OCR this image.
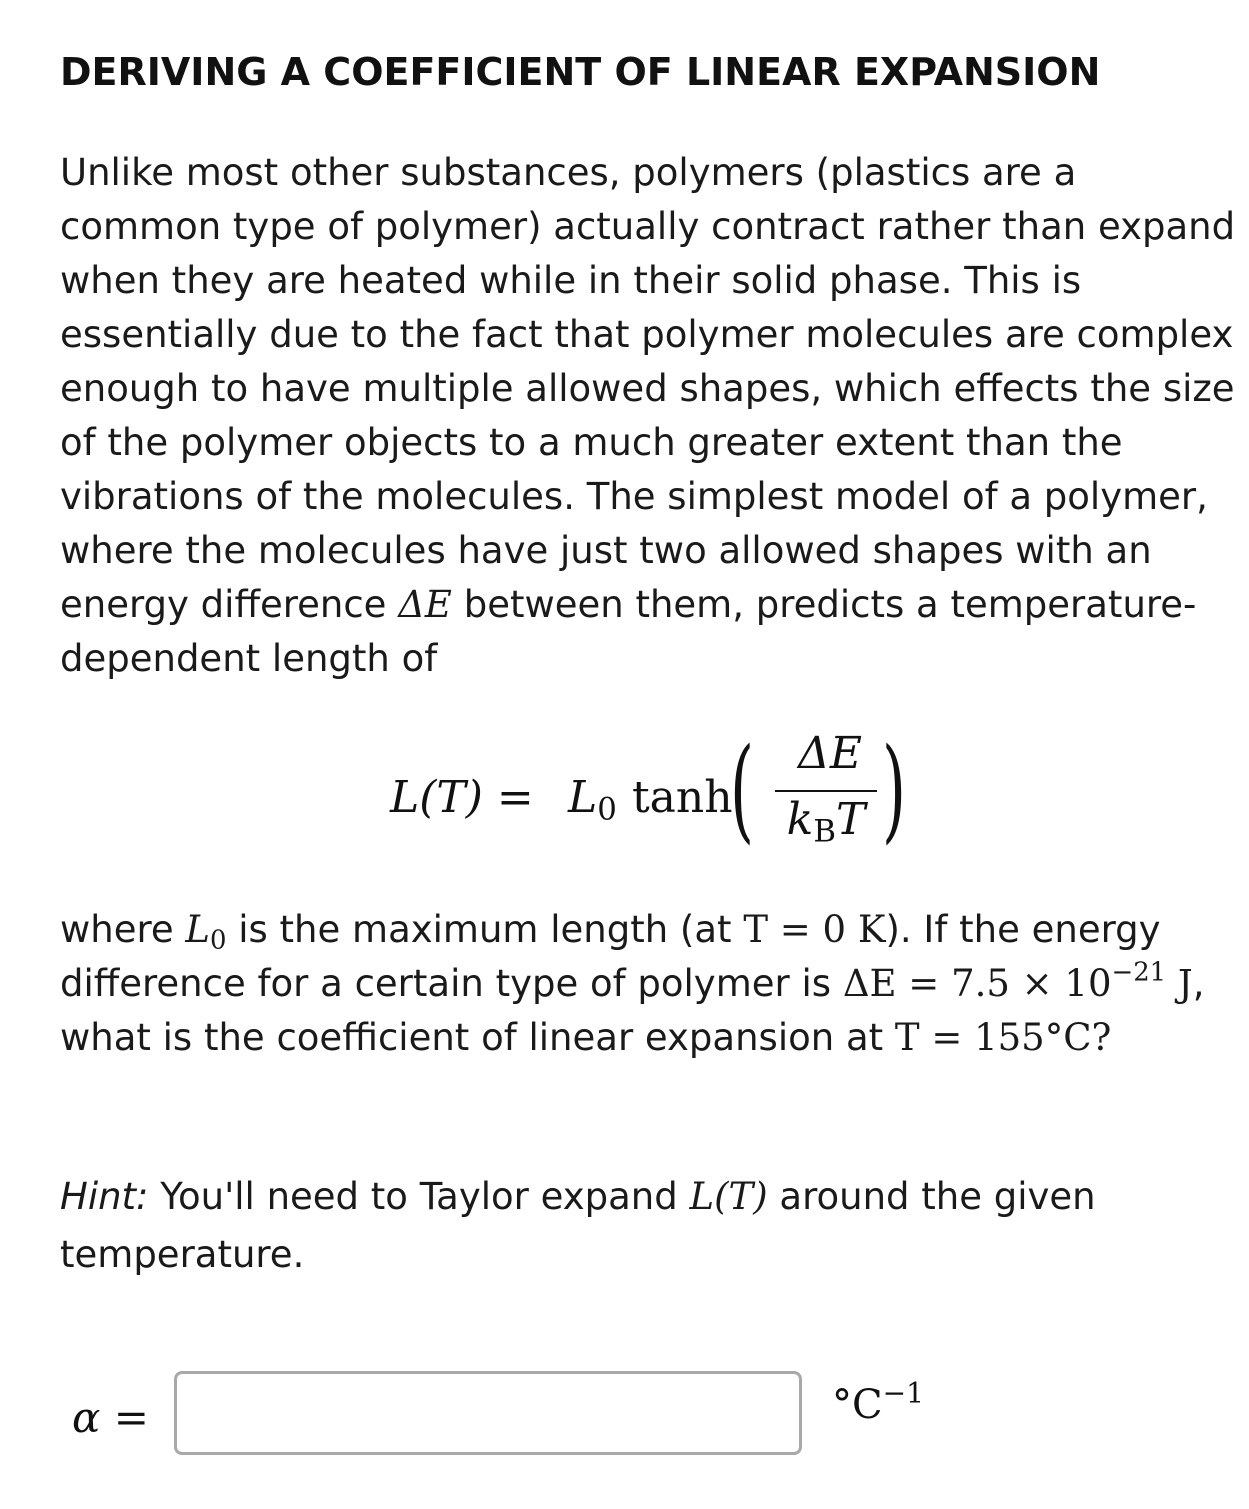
DERIVING A COEFFICIENT OF LINEAR EXPANSION
Unlike most other substances, polymers (plastics are a common type of polymer) actually contract rather than expand when they are heated while in their solid phase. This is essentially due to the fact that polymer molecules are complex enough to have multiple allowed shapes, which effects the size of the polymer objects to a much greater extent than the vibrations of the molecules. The simplest model of a polymer, where the molecules have just two allowed shapes with an energy difference ΔE between them, predicts a temperature-dependent length of
$L(T) = L_0$ tanh
( ΔE
$k_BT$ )
where $L_0$ is the maximum length (at T = 0 K). If the energy difference for a certain type of polymer is $\Delta E = 7.5 \times 10^{-21}$ J, what is the coefficient of linear expansion at T = 155°C?
Hint: You'll need to Taylor expand L(T) around the given temperature.
α =	$^\circ C^{-1}$
